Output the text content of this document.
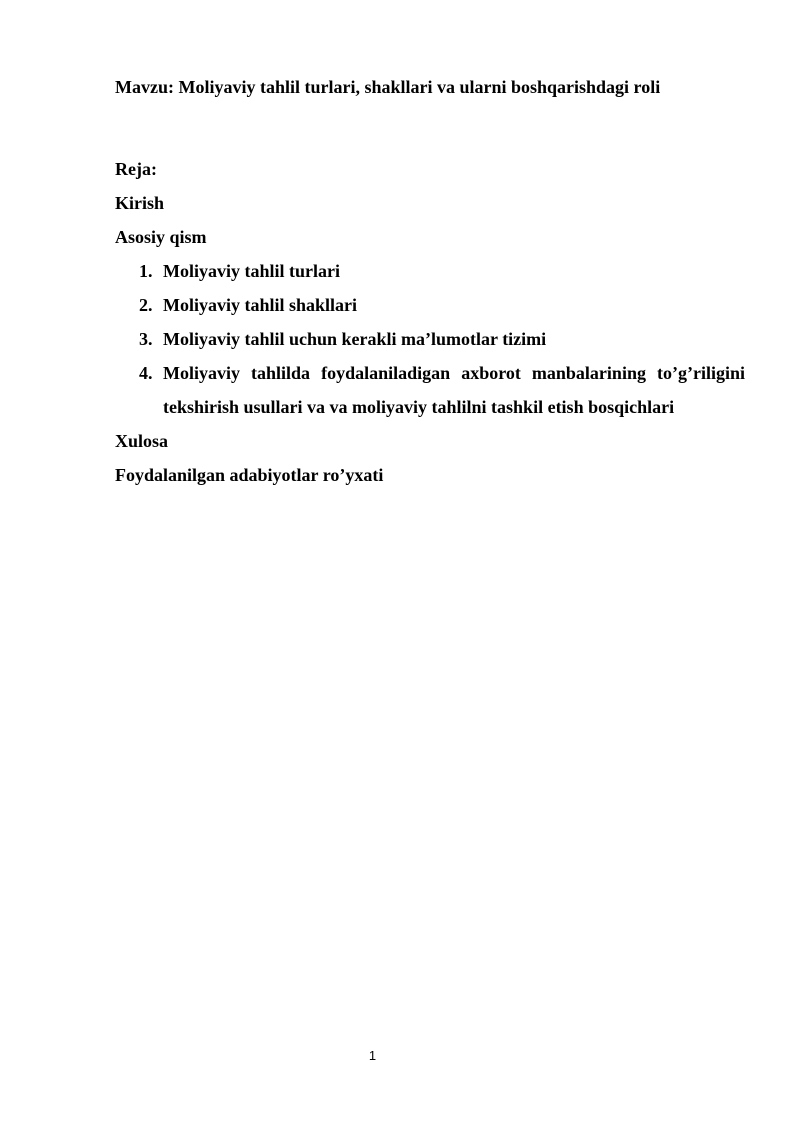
Mavzu: Moliyaviy tahlil turlari, shakllari va ularni boshqarishdagi roli

Reja:

Kirish

Asosiy qism

1. Moliyaviy tahlil turlari
2. Moliyaviy tahlil shakllari
3. Moliyaviy tahlil uchun kerakli ma’lumotlar tizimi
4. Moliyaviy tahlilda foydalaniladigan axborot manbalarining to’g’riligini tekshirish usullari va va moliyaviy tahlilni tashkil etish bosqichlari

Xulosa

Foydalanilgan adabiyotlar ro’yxati

1
